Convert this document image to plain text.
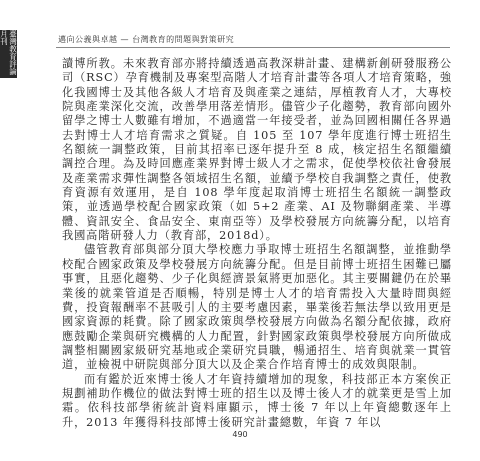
臺灣教育評論月刊	邁向公義與卓越 — 台灣教育的問題與對策研究

讀博所教。未來教育部亦將持續透過高教深耕計畫、建構新創研發服務公司（RSC）孕育機制及專案型高階人才培育計畫等各項人才培育策略，強化我國博士及其他各級人才培育及與產業之連結，厚植教育人才，大專校院與產業深化交流，改善學用落差情形。儘管少子化趨勢，教育部向國外留學之博士人數雖有增加，不過適當一年接受者，並為回國相關任各界過去對博士人才培育需求之質疑。自 105 至 107 學年度進行博士班招生名額統一調整政策，目前其招率已逐年提升至 8 成，核定招生名額繼續調控合理。為及時回應產業界對博士級人才之需求，促使學校依社會發展及產業需求彈性調整各領域招生名額，並續予學校自我調整之責任，使教育資源有效運用，是自 108 學年度起取消博士班招生名額統一調整政策，並透過學校配合國家政策（如 5+2 產業、AI 及物聯網產業、半導體、資訊安全、食品安全、東南亞等）及學校發展方向統籌分配，以培育我國高階研發人力（教育部，2018d）。

儘管教育部與部分頂大學校應力爭取博士班招生名額調整，並推動學校配合國家政策及學校發展方向統籌分配。但是目前博士班招生困難已屬事實，且惡化趨勢、少子化與經濟景氣將更加惡化。其主要關鍵仍在於畢業後的就業管道是否順暢，特別是博士人才的培育需投入大量時間與經費，投資報酬率不甚吸引人的主要考慮因素，畢業後若無法學以致用更是國家資源的耗費。除了國家政策與學校發展方向做為名額分配依據，政府應鼓勵企業與研究機構的人力配置，針對國家政策與學校發展方向所做成調整相關國家級研究基地或企業研究員職，暢通招生、培育與就業一貫管道，並檢視中研院與部分頂大以及企業合作培育博士的成效與限制。

而有鑑於近來博士後人才年資持續增加的現象，科技部正本方案俟正規劃補助作機位的做法對博士班的招生以及博士後人才的就業更是雪上加霜。依科技部學術統計資料庫顯示，博士後 7 年以上年資總數逐年上升，2013 年獲得科技部博士後研究計畫總數，年資 7 年以

490
